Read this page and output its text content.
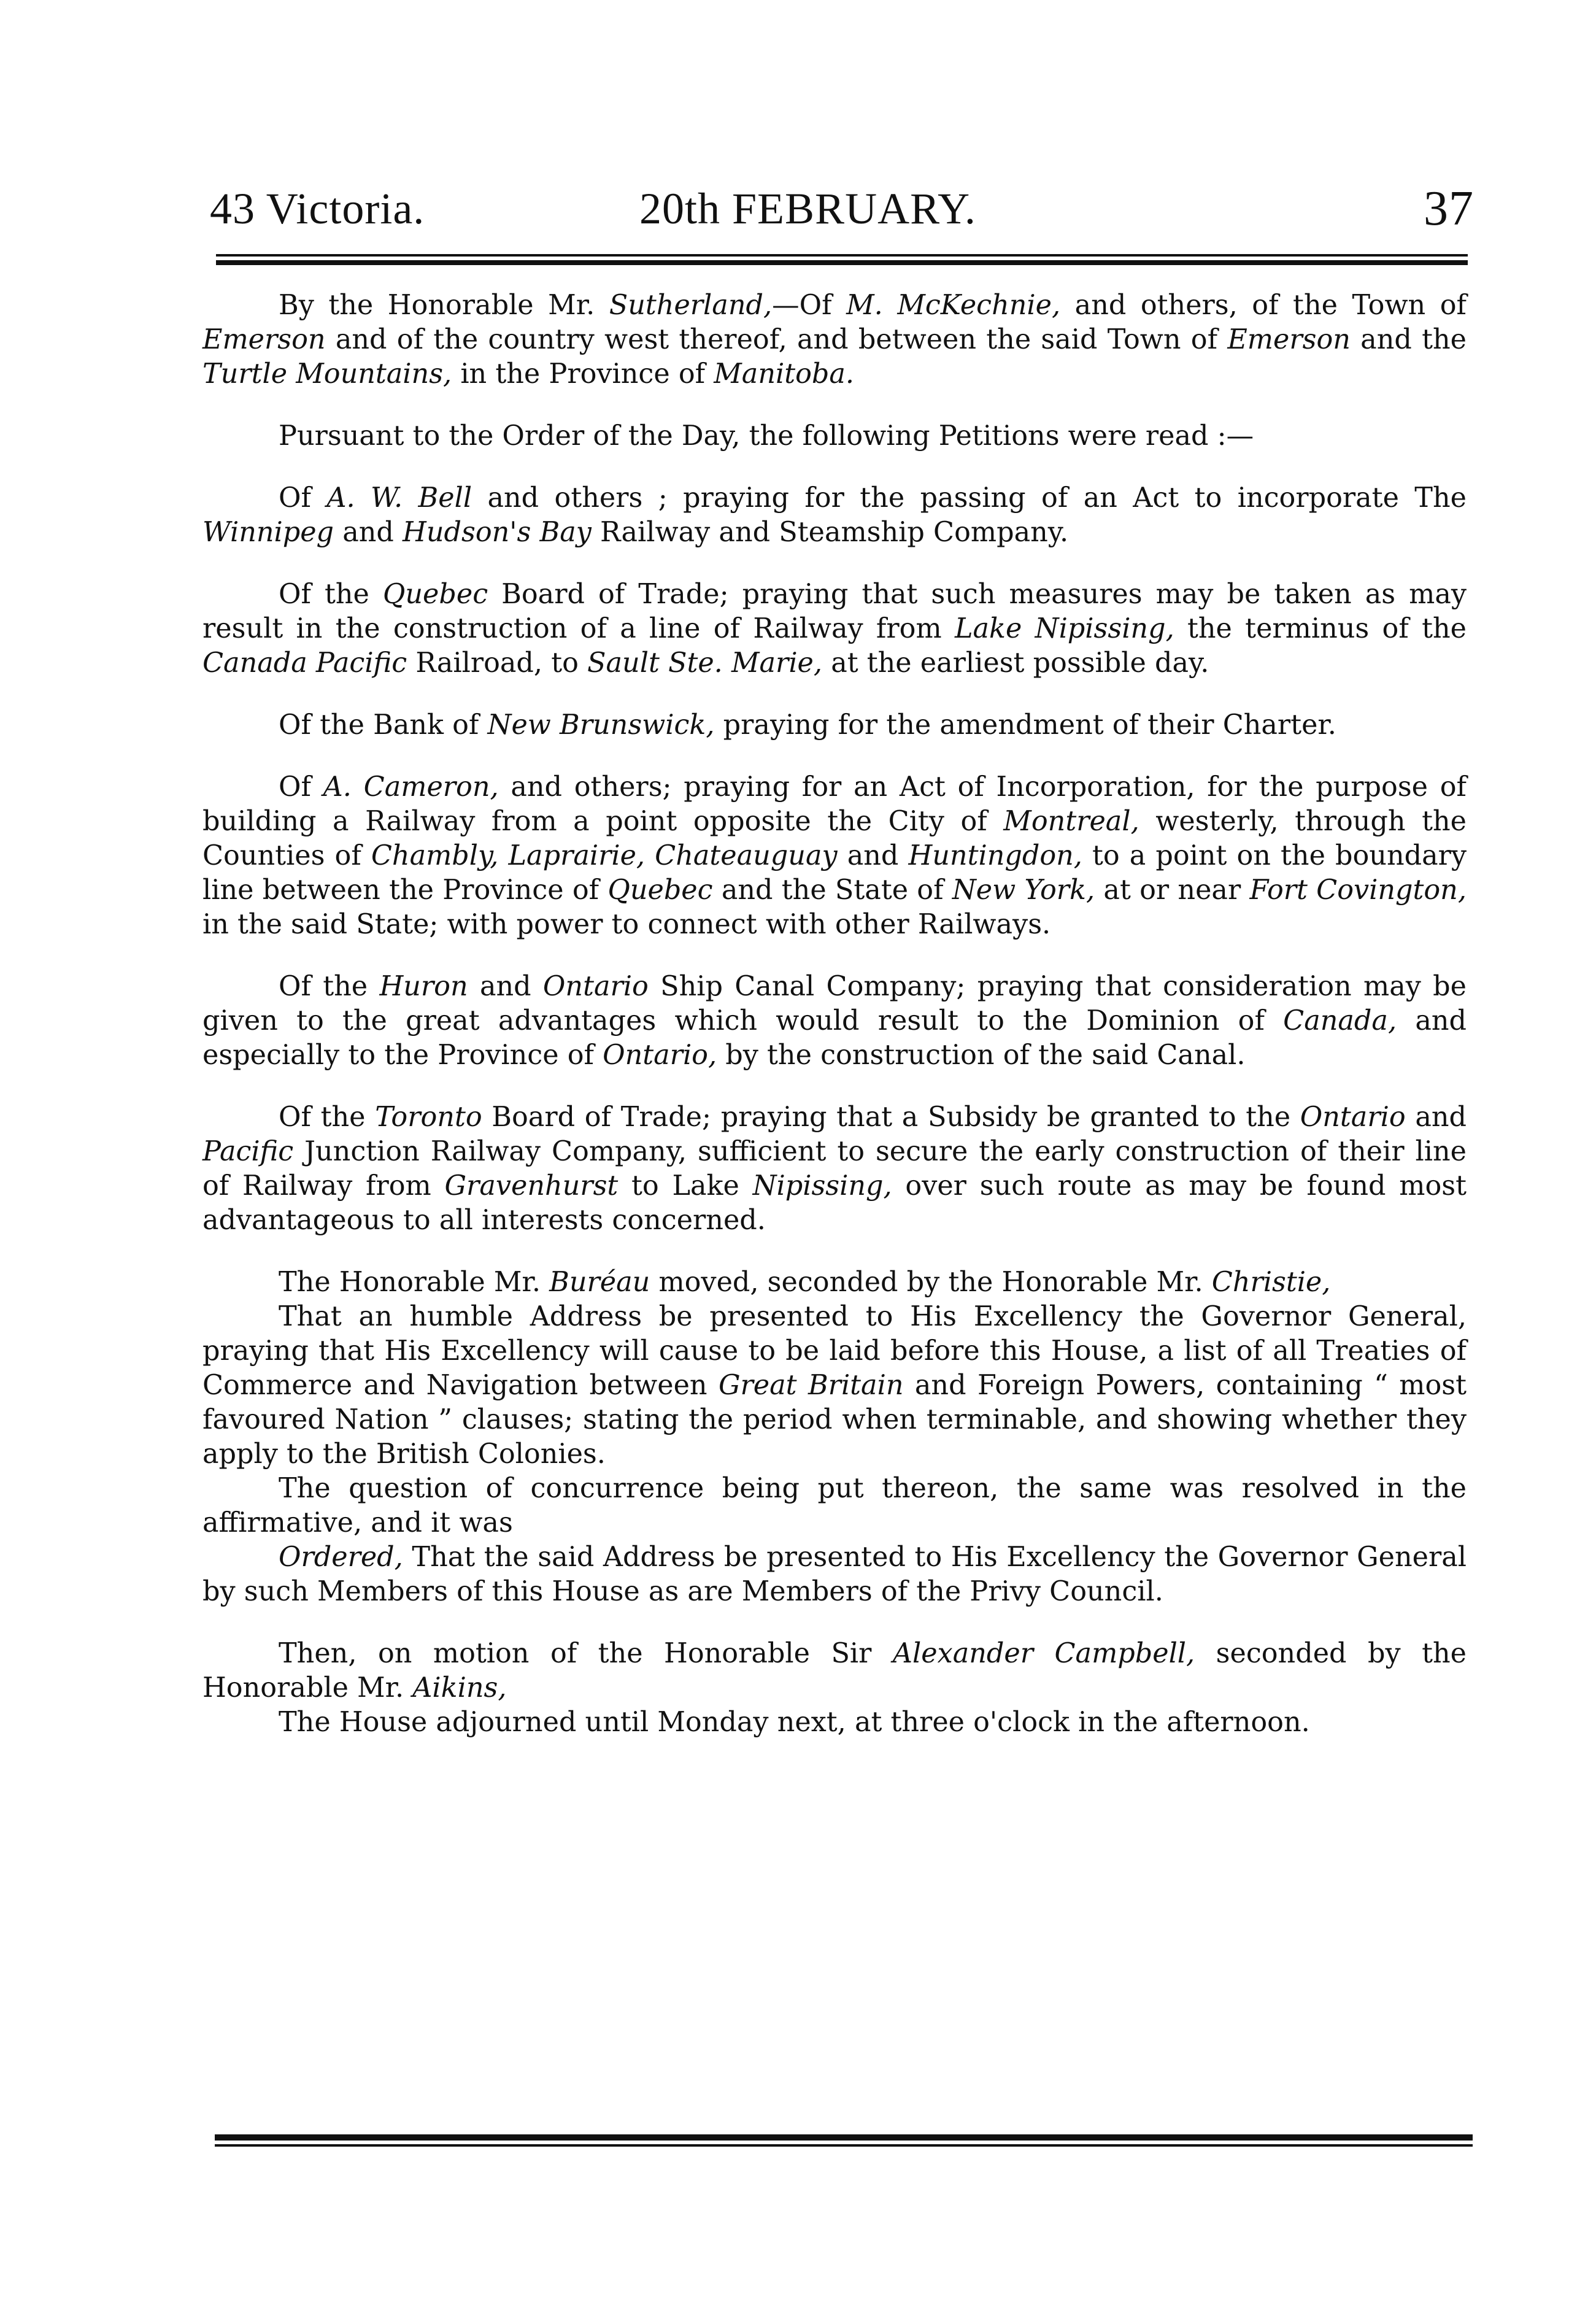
43 Victoria.	20th FEBRUARY.	37

By the Honorable Mr. Sutherland,—Of M. McKechnie, and others, of the Town of Emerson and of the country west thereof, and between the said Town of Emerson and the Turtle Mountains, in the Province of Manitoba.

Pursuant to the Order of the Day, the following Petitions were read :—

Of A. W. Bell and others ; praying for the passing of an Act to incorporate The Winnipeg and Hudson's Bay Railway and Steamship Company.

Of the Quebec Board of Trade; praying that such measures may be taken as may result in the construction of a line of Railway from Lake Nipissing, the terminus of the Canada Pacific Railroad, to Sault Ste. Marie, at the earliest possible day.

Of the Bank of New Brunswick, praying for the amendment of their Charter.

Of A. Cameron, and others; praying for an Act of Incorporation, for the purpose of building a Railway from a point opposite the City of Montreal, westerly, through the Counties of Chambly, Laprairie, Chateauguay and Huntingdon, to a point on the boundary line between the Province of Quebec and the State of New York, at or near Fort Covington, in the said State; with power to connect with other Railways.

Of the Huron and Ontario Ship Canal Company; praying that consideration may be given to the great advantages which would result to the Dominion of Canada, and especially to the Province of Ontario, by the construction of the said Canal.

Of the Toronto Board of Trade; praying that a Subsidy be granted to the Ontario and Pacific Junction Railway Company, sufficient to secure the early construction of their line of Railway from Gravenhurst to Lake Nipissing, over such route as may be found most advantageous to all interests concerned.

The Honorable Mr. Buréau moved, seconded by the Honorable Mr. Christie,

That an humble Address be presented to His Excellency the Governor General, praying that His Excellency will cause to be laid before this House, a list of all Treaties of Commerce and Navigation between Great Britain and Foreign Powers, containing “ most favoured Nation ” clauses; stating the period when terminable, and showing whether they apply to the British Colonies.

The question of concurrence being put thereon, the same was resolved in the affirmative, and it was

Ordered, That the said Address be presented to His Excellency the Governor General by such Members of this House as are Members of the Privy Council.

Then, on motion of the Honorable Sir Alexander Campbell, seconded by the Honorable Mr. Aikins,

The House adjourned until Monday next, at three o'clock in the afternoon.
